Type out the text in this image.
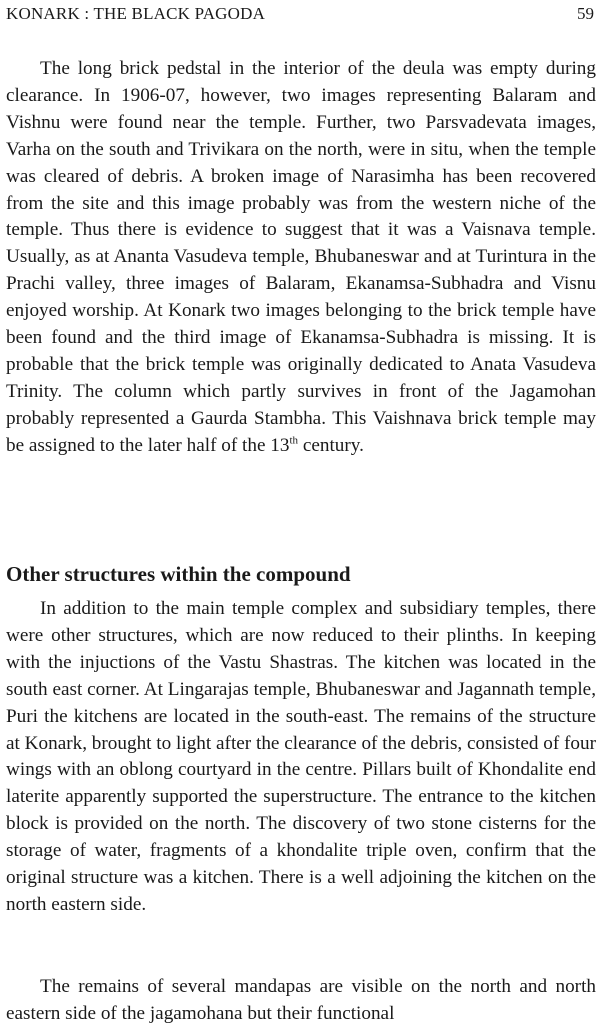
KONARK : THE BLACK PAGODA	59

The long brick pedstal in the interior of the deula was empty during clearance. In 1906-07, however, two images representing Balaram and Vishnu were found near the temple. Further, two Parsvadevata images, Varha on the south and Trivikara on the north, were in situ, when the temple was cleared of debris. A broken image of Narasimha has been recovered from the site and this image probably was from the western niche of the temple. Thus there is evidence to suggest that it was a Vaisnava temple. Usually, as at Ananta Vasudeva temple, Bhubaneswar and at Turintura in the Prachi valley, three images of Balaram, Ekanamsa-Subhadra and Visnu enjoyed worship. At Konark two images belonging to the brick temple have been found and the third image of Ekanamsa-Subhadra is missing. It is probable that the brick temple was originally dedicated to Anata Vasudeva Trinity. The column which partly survives in front of the Jagamohan probably represented a Gaurda Stambha. This Vaishnava brick temple may be assigned to the later half of the 13th century.

Other structures within the compound

In addition to the main temple complex and subsidiary temples, there were other structures, which are now reduced to their plinths. In keeping with the injuctions of the Vastu Shastras. The kitchen was located in the south east corner. At Lingarajas temple, Bhubaneswar and Jagannath temple, Puri the kitchens are located in the south-east. The remains of the structure at Konark, brought to light after the clearance of the debris, consisted of four wings with an oblong courtyard in the centre. Pillars built of Khondalite end laterite apparently supported the superstructure. The entrance to the kitchen block is provided on the north. The discovery of two stone cisterns for the storage of water, fragments of a khondalite triple oven, confirm that the original structure was a kitchen. There is a well adjoining the kitchen on the north eastern side.

The remains of several mandapas are visible on the north and north eastern side of the jagamohana but their functional
